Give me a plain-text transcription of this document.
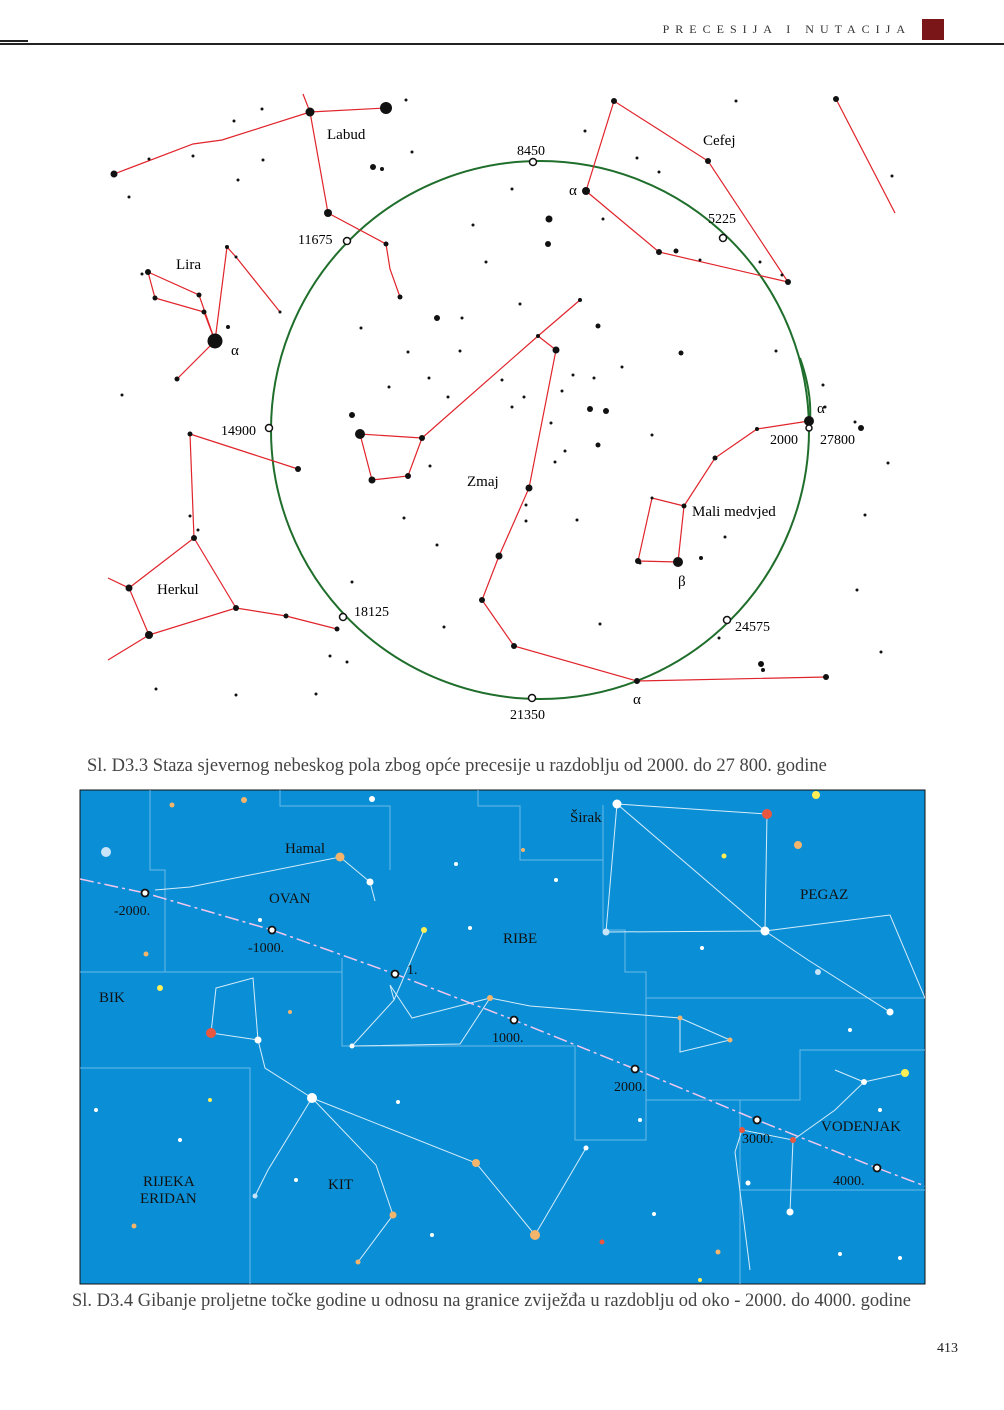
PRECESIJA I NUTACIJA
Labud	Cefej
Lira
Zmaj
Mali medvjed
Herkul
8450
5225
11675
14900
2000 27800
18125
24575
21350
α
α
α
β
α
Sl. D3.3 Staza sjevernog nebeskog pola zbog opće precesije u razdoblju od 2000. do 27 800. godine
Širak
Hamal
OVAN	PEGAZ
RIBE
BIK
KIT
RIJEKA
ERIDAN
VODENJAK
-2000.
-1000.
1.
1000.
2000.
3000.
4000.
Sl. D3.4 Gibanje proljetne točke godine u odnosu na granice zviježđa u razdoblju od oko - 2000. do 4000. godine
413
